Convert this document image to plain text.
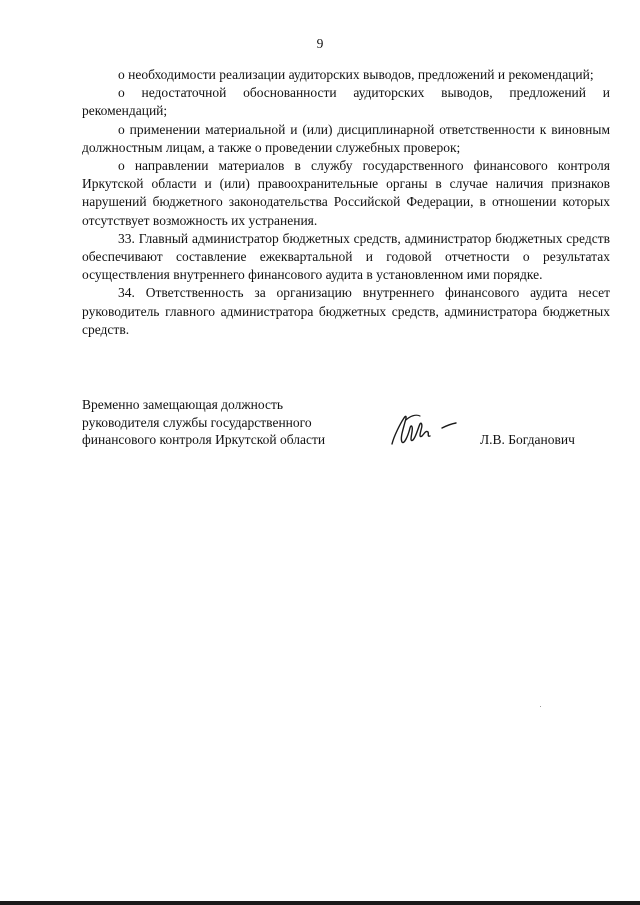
9

о необходимости реализации аудиторских выводов, предложений и рекомендаций;

о недостаточной обоснованности аудиторских выводов, предложений и рекомендаций;

о применении материальной и (или) дисциплинарной ответственности к виновным должностным лицам, а также о проведении служебных проверок;

о направлении материалов в службу государственного финансового контроля Иркутской области и (или) правоохранительные органы в случае наличия признаков нарушений бюджетного законодательства Российской Федерации, в отношении которых отсутствует возможность их устранения.

33. Главный администратор бюджетных средств, администратор бюджетных средств обеспечивают составление ежеквартальной и годовой отчетности о результатах осуществления внутреннего финансового аудита в установленном ими порядке.

34. Ответственность за организацию внутреннего финансового аудита несет руководитель главного администратора бюджетных средств, администратора бюджетных средств.

Временно замещающая должность
руководителя службы государственного
финансового контроля Иркутской области	Л.В. Богданович
